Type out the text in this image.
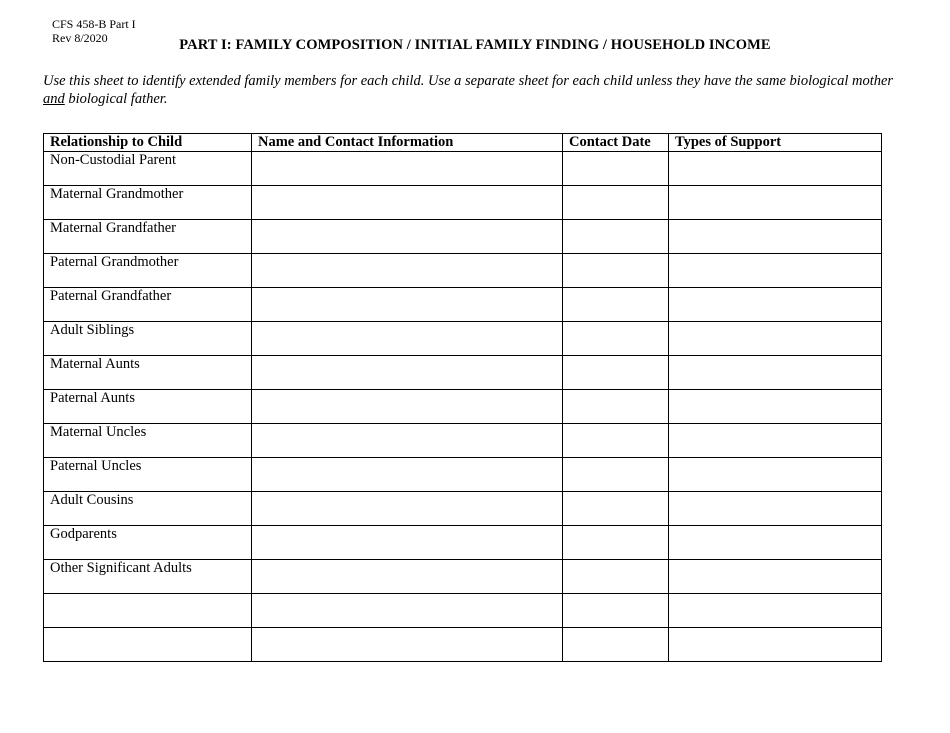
CFS 458-B Part I
Rev 8/2020	PART I: FAMILY COMPOSITION / INITIAL FAMILY FINDING / HOUSEHOLD INCOME
Use this sheet to identify extended family members for each child. Use a separate sheet for each child unless they have the same biological mother and biological father.
Relationship to Child	Name and Contact Information	Contact Date	Types of Support
Non-Custodial Parent			
Maternal Grandmother			
Maternal Grandfather			
Paternal Grandmother			
Paternal Grandfather			
Adult Siblings			
Maternal Aunts			
Paternal Aunts			
Maternal Uncles			
Paternal Uncles			
Adult Cousins			
Godparents			
Other Significant Adults			
